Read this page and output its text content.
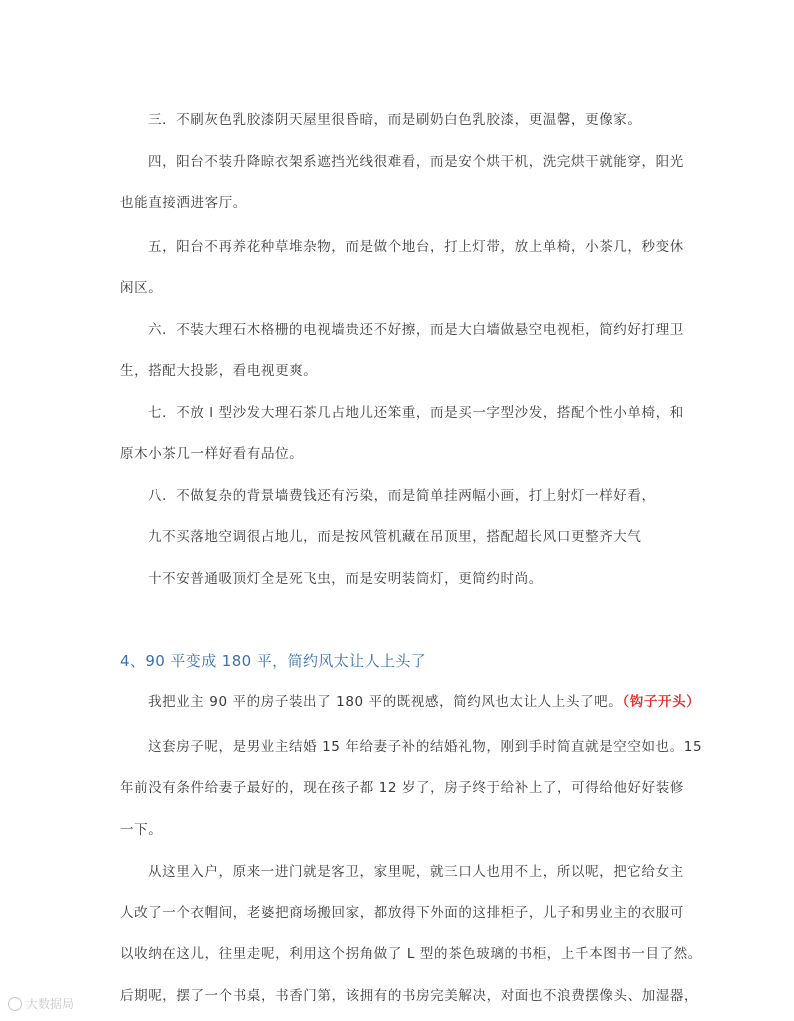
三．不刷灰色乳胶漆阴天屋里很昏暗，而是刷奶白色乳胶漆，更温馨，更像家。
四，阳台不装升降晾衣架系遮挡光线很难看，而是安个烘干机，洗完烘干就能穿，阳光
也能直接洒进客厅。
五，阳台不再养花种草堆杂物，而是做个地台，打上灯带，放上单椅，小茶几，秒变休
闲区。
六．不装大理石木格栅的电视墙贵还不好擦，而是大白墙做悬空电视柜，简约好打理卫
生，搭配大投影，看电视更爽。
七．不放 l 型沙发大理石茶几占地儿还笨重，而是买一字型沙发，搭配个性小单椅，和
原木小茶几一样好看有品位。
八．不做复杂的背景墙费钱还有污染，而是简单挂两幅小画，打上射灯一样好看，
九不买落地空调很占地儿，而是按风管机藏在吊顶里，搭配超长风口更整齐大气
十不安普通吸顶灯全是死飞虫，而是安明装筒灯，更简约时尚。
4、90 平变成 180 平，简约风太让人上头了
我把业主 90 平的房子装出了 180 平的既视感，简约风也太让人上头了吧。（钩子开头）
这套房子呢，是男业主结婚 15 年给妻子补的结婚礼物，刚到手时简直就是空空如也。15
年前没有条件给妻子最好的，现在孩子都 12 岁了，房子终于给补上了，可得给他好好装修
一下。
从这里入户，原来一进门就是客卫，家里呢，就三口人也用不上，所以呢，把它给女主
人改了一个衣帽间，老婆把商场搬回家，都放得下外面的这排柜子，儿子和男业主的衣服可
以收纳在这儿，往里走呢，利用这个拐角做了 L 型的茶色玻璃的书柜，上千本图书一目了然。
后期呢，摆了一个书桌，书香门第，该拥有的书房完美解决，对面也不浪费摆像头、加湿器，
大数据局
